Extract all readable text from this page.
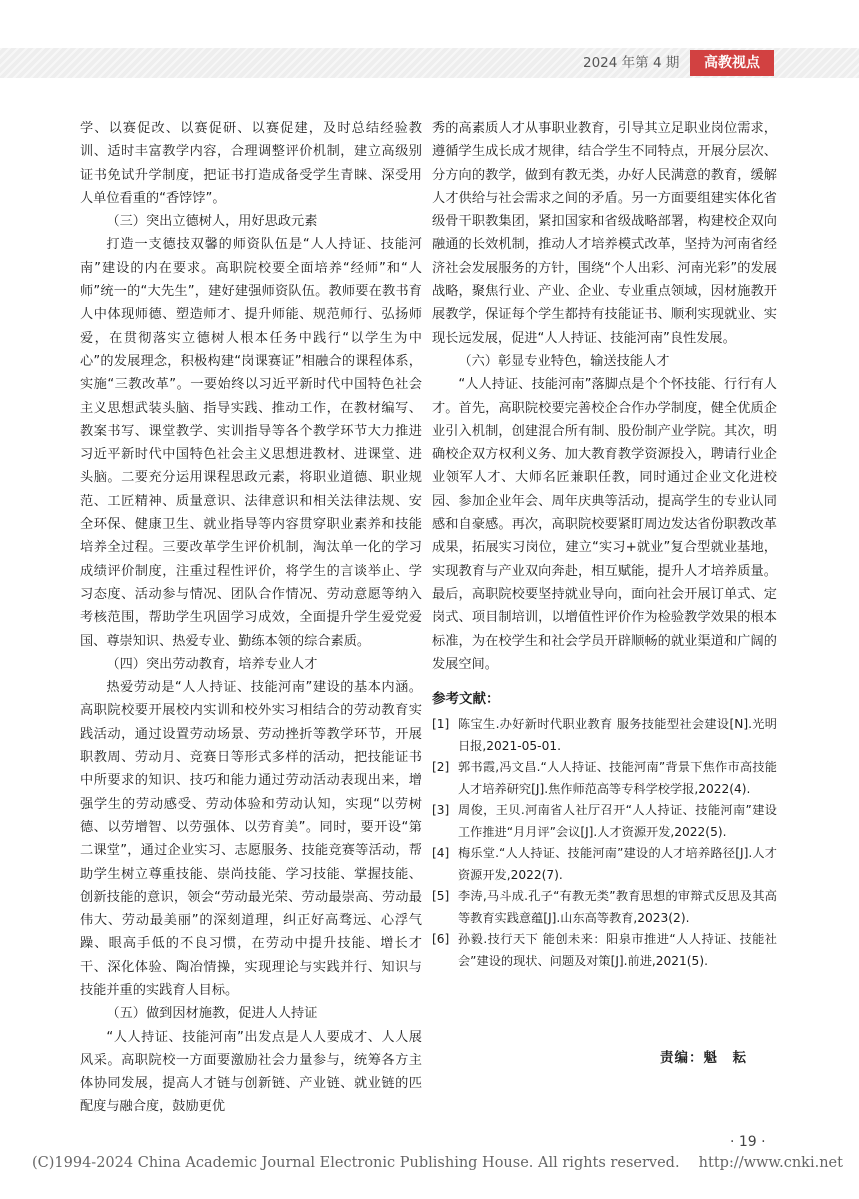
2024 年第 4 期	高教视点

学、以赛促改、以赛促研、以赛促建，及时总结经验教训、适时丰富教学内容，合理调整评价机制，建立高级别证书免试升学制度，把证书打造成备受学生青睐、深受用人单位看重的“香饽饽”。

（三）突出立德树人，用好思政元素

打造一支德技双馨的师资队伍是“人人持证、技能河南”建设的内在要求。高职院校要全面培养“经师”和“人师”统一的“大先生”，建好建强师资队伍。教师要在教书育人中体现师德、塑造师才、提升师能、规范师行、弘扬师爱，在贯彻落实立德树人根本任务中践行“以学生为中心”的发展理念，积极构建“岗课赛证”相融合的课程体系，实施“三教改革”。一要始终以习近平新时代中国特色社会主义思想武装头脑、指导实践、推动工作，在教材编写、教案书写、课堂教学、实训指导等各个教学环节大力推进习近平新时代中国特色社会主义思想进教材、进课堂、进头脑。二要充分运用课程思政元素，将职业道德、职业规范、工匠精神、质量意识、法律意识和相关法律法规、安全环保、健康卫生、就业指导等内容贯穿职业素养和技能培养全过程。三要改革学生评价机制，淘汰单一化的学习成绩评价制度，注重过程性评价，将学生的言谈举止、学习态度、活动参与情况、团队合作情况、劳动意愿等纳入考核范围，帮助学生巩固学习成效，全面提升学生爱党爱国、尊崇知识、热爱专业、勤练本领的综合素质。

（四）突出劳动教育，培养专业人才

热爱劳动是“人人持证、技能河南”建设的基本内涵。高职院校要开展校内实训和校外实习相结合的劳动教育实践活动，通过设置劳动场景、劳动挫折等教学环节，开展职教周、劳动月、竞赛日等形式多样的活动，把技能证书中所要求的知识、技巧和能力通过劳动活动表现出来，增强学生的劳动感受、劳动体验和劳动认知，实现“以劳树德、以劳增智、以劳强体、以劳育美”。同时，要开设“第二课堂”，通过企业实习、志愿服务、技能竞赛等活动，帮助学生树立尊重技能、崇尚技能、学习技能、掌握技能、创新技能的意识，领会“劳动最光荣、劳动最崇高、劳动最伟大、劳动最美丽”的深刻道理，纠正好高骛远、心浮气躁、眼高手低的不良习惯，在劳动中提升技能、增长才干、深化体验、陶冶情操，实现理论与实践并行、知识与技能并重的实践育人目标。

（五）做到因材施教，促进人人持证

“人人持证、技能河南”出发点是人人要成才、人人展风采。高职院校一方面要激励社会力量参与，统筹各方主体协同发展，提高人才链与创新链、产业链、就业链的匹配度与融合度，鼓励更优

秀的高素质人才从事职业教育，引导其立足职业岗位需求，遵循学生成长成才规律，结合学生不同特点，开展分层次、分方向的教学，做到有教无类，办好人民满意的教育，缓解人才供给与社会需求之间的矛盾。另一方面要组建实体化省级骨干职教集团，紧扣国家和省级战略部署，构建校企双向融通的长效机制，推动人才培养模式改革，坚持为河南省经济社会发展服务的方针，围绕“个人出彩、河南光彩”的发展战略，聚焦行业、产业、企业、专业重点领域，因材施教开展教学，保证每个学生都持有技能证书、顺利实现就业、实现长远发展，促进“人人持证、技能河南”良性发展。

（六）彰显专业特色，输送技能人才

“人人持证、技能河南”落脚点是个个怀技能、行行有人才。首先，高职院校要完善校企合作办学制度，健全优质企业引入机制，创建混合所有制、股份制产业学院。其次，明确校企双方权利义务、加大教育教学资源投入，聘请行业企业领军人才、大师名匠兼职任教，同时通过企业文化进校园、参加企业年会、周年庆典等活动，提高学生的专业认同感和自豪感。再次，高职院校要紧盯周边发达省份职教改革成果，拓展实习岗位，建立“实习+就业”复合型就业基地，实现教育与产业双向奔赴，相互赋能，提升人才培养质量。最后，高职院校要坚持就业导向，面向社会开展订单式、定岗式、项目制培训，以增值性评价作为检验教学效果的根本标准，为在校学生和社会学员开辟顺畅的就业渠道和广阔的发展空间。

参考文献：

[1] 陈宝生.办好新时代职业教育 服务技能型社会建设[N].光明日报,2021-05-01.
[2] 郭书霞,冯文昌.“人人持证、技能河南”背景下焦作市高技能人才培养研究[J].焦作师范高等专科学校学报,2022(4).
[3] 周俊，王贝.河南省人社厅召开“人人持证、技能河南”建设工作推进“月月评”会议[J].人才资源开发,2022(5).
[4] 梅乐堂.“人人持证、技能河南”建设的人才培养路径[J].人才资源开发,2022(7).
[5] 李涛,马斗成.孔子“有教无类”教育思想的审辩式反思及其高等教育实践意蕴[J].山东高等教育,2023(2).
[6] 孙毅.技行天下 能创未来：阳泉市推进“人人持证、技能社会”建设的现状、问题及对策[J].前进,2021(5).
责编：魁　耘
· 19 ·
(C)1994-2024 China Academic Journal Electronic Publishing House. All rights reserved.　 http://www.cnki.net
